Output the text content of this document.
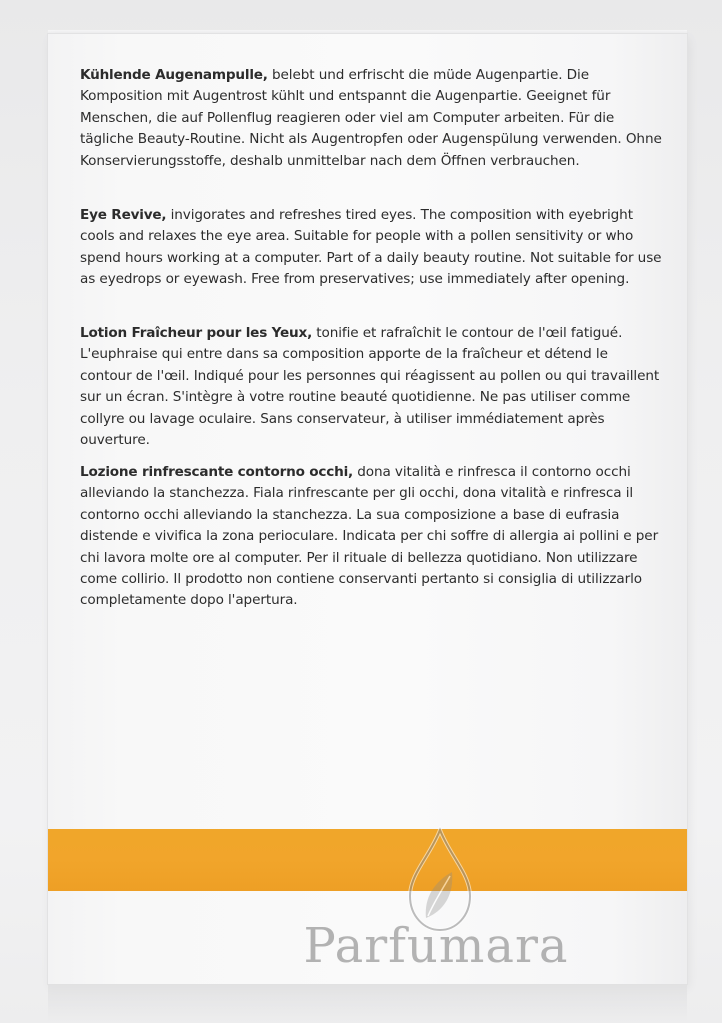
Kühlende Augenampulle, belebt und erfrischt die müde Augenpartie. Die Komposition mit Augentrost kühlt und entspannt die Augenpartie. Geeignet für Menschen, die auf Pollenflug reagieren oder viel am Computer arbeiten. Für die tägliche Beauty-Routine. Nicht als Augentropfen oder Augenspülung verwenden. Ohne Konservierungsstoffe, deshalb unmittelbar nach dem Öffnen verbrauchen.
Eye Revive, invigorates and refreshes tired eyes. The composition with eyebright cools and relaxes the eye area. Suitable for people with a pollen sensitivity or who spend hours working at a computer. Part of a daily beauty routine. Not suitable for use as eyedrops or eyewash. Free from preservatives; use immediately after opening.
Lotion Fraîcheur pour les Yeux, tonifie et rafraîchit le contour de l'œil fatigué. L'euphraise qui entre dans sa composition apporte de la fraîcheur et détend le contour de l'œil. Indiqué pour les personnes qui réagissent au pollen ou qui travaillent sur un écran. S'intègre à votre routine beauté quotidienne. Ne pas utiliser comme collyre ou lavage oculaire. Sans conservateur, à utiliser immédiatement après ouverture.
Lozione rinfrescante contorno occhi, dona vitalità e rinfresca il contorno occhi alleviando la stanchezza. Fiala rinfrescante per gli occhi, dona vitalità e rinfresca il contorno occhi alleviando la stanchezza. La sua composizione a base di eufrasia distende e vivifica la zona perioculare. Indicata per chi soffre di allergia ai pollini e per chi lavora molte ore al computer. Per il rituale di bellezza quotidiano. Non utilizzare come collirio. Il prodotto non contiene conservanti pertanto si consiglia di utilizzarlo completamente dopo l'apertura.
Parfumara
